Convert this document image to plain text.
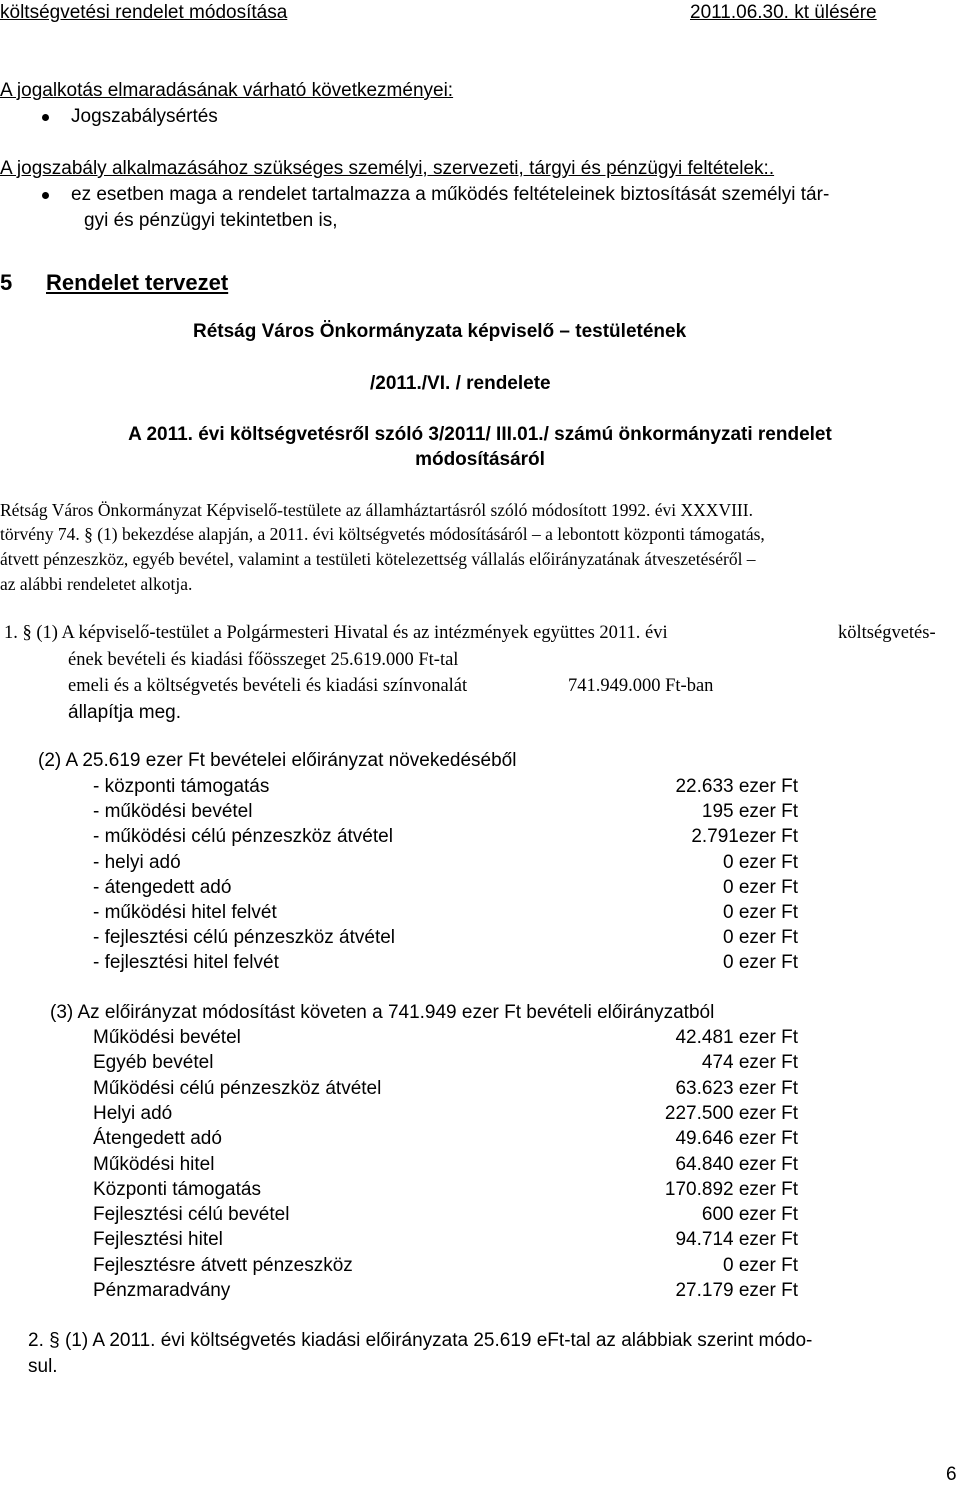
költségvetési rendelet módosítása	2011.06.30. kt ülésére
A jogalkotás elmaradásának várható következményei:
Jogszabálysértés
A jogszabály alkalmazásához szükséges személyi, szervezeti, tárgyi és pénzügyi feltételek:.
ez esetben maga a rendelet tartalmazza a működés feltételeinek biztosítását személyi tár-
gyi és pénzügyi tekintetben is,
5 Rendelet tervezet
Rétság Város Önkormányzata képviselő – testületének
/2011./VI. / rendelete
A 2011. évi költségvetésről szóló 3/2011/ III.01./ számú önkormányzati rendelet
módosításáról
Rétság Város Önkormányzat Képviselő-testülete az államháztartásról szóló módosított 1992. évi XXXVIII.
törvény 74. § (1) bekezdése alapján, a 2011. évi költségvetés módosításáról – a lebontott központi támogatás,
átvett pénzeszköz, egyéb bevétel, valamint a testületi kötelezettség vállalás előirányzatának átveszetéséről –
az alábbi rendeletet alkotja.
1. § (1) A képviselő-testület a Polgármesteri Hivatal és az intézmények együttes 2011. évi	költségvetés-
ének bevételi és kiadási főösszeget 25.619.000 Ft-tal
emeli és a költségvetés bevételi és kiadási színvonalát	741.949.000 Ft-ban
állapítja meg.
(2) A 25.619 ezer Ft bevételei előirányzat növekedéséből
- központi támogatás	22.633 ezer Ft
- működési bevétel	195 ezer Ft
- működési célú pénzeszköz átvétel	2.791ezer Ft
- helyi adó	0 ezer Ft
- átengedett adó	0 ezer Ft
- működési hitel felvét	0 ezer Ft
- fejlesztési célú pénzeszköz átvétel	0 ezer Ft
- fejlesztési hitel felvét	0 ezer Ft
(3) Az előirányzat módosítást követen a 741.949 ezer Ft bevételi előirányzatból
Működési bevétel	42.481 ezer Ft
Egyéb bevétel	474 ezer Ft
Működési célú pénzeszköz átvétel	63.623 ezer Ft
Helyi adó	227.500 ezer Ft
Átengedett adó	49.646 ezer Ft
Működési hitel	64.840 ezer Ft
Központi támogatás	170.892 ezer Ft
Fejlesztési célú bevétel	600 ezer Ft
Fejlesztési hitel	94.714 ezer Ft
Fejlesztésre átvett pénzeszköz	0 ezer Ft
Pénzmaradvány	27.179 ezer Ft
2. § (1) A 2011. évi költségvetés kiadási előirányzata 25.619 eFt-tal az alábbiak szerint módo-
sul.
6
